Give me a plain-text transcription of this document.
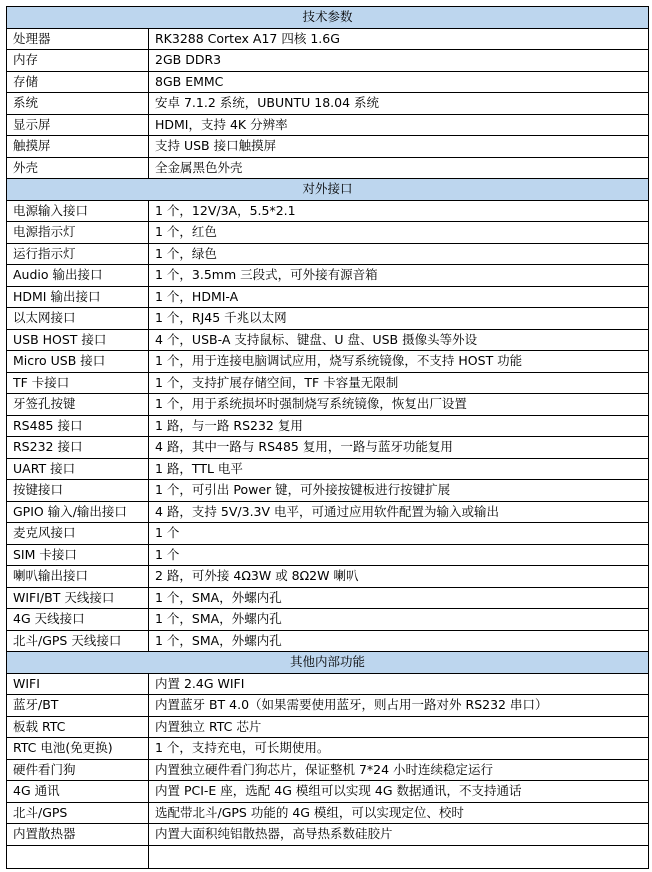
技术参数	
处理器	RK3288 Cortex A17 四核 1.6G
内存	2GB DDR3
存储	8GB EMMC
系统	安卓 7.1.2 系统，UBUNTU 18.04 系统
显示屏	HDMI，支持 4K 分辨率
触摸屏	支持 USB 接口触摸屏
外壳	全金属黑色外壳
对外接口	
电源输入接口	1 个，12V/3A，5.5*2.1
电源指示灯	1 个，红色
运行指示灯	1 个，绿色
Audio 输出接口	1 个，3.5mm 三段式，可外接有源音箱
HDMI 输出接口	1 个，HDMI-A
以太网接口	1 个，RJ45 千兆以太网
USB HOST 接口	4 个，USB-A 支持鼠标、键盘、U 盘、USB 摄像头等外设
Micro USB 接口	1 个，用于连接电脑调试应用，烧写系统镜像，不支持 HOST 功能
TF 卡接口	1 个，支持扩展存储空间，TF 卡容量无限制
牙签孔按键	1 个，用于系统损坏时强制烧写系统镜像，恢复出厂设置
RS485 接口	1 路，与一路 RS232 复用
RS232 接口	4 路，其中一路与 RS485 复用，一路与蓝牙功能复用
UART 接口	1 路，TTL 电平
按键接口	1 个，可引出 Power 键，可外接按键板进行按键扩展
GPIO 输入/输出接口	4 路，支持 5V/3.3V 电平，可通过应用软件配置为输入或输出
麦克风接口	1 个
SIM 卡接口	1 个
喇叭输出接口	2 路，可外接 4Ω3W 或 8Ω2W 喇叭
WIFI/BT 天线接口	1 个，SMA，外螺内孔
4G 天线接口	1 个，SMA，外螺内孔
北斗/GPS 天线接口	1 个，SMA，外螺内孔
其他内部功能	
WIFI	内置 2.4G WIFI
蓝牙/BT	内置蓝牙 BT 4.0（如果需要使用蓝牙，则占用一路对外 RS232 串口）
板载 RTC	内置独立 RTC 芯片
RTC 电池(免更换)	1 个，支持充电，可长期使用。
硬件看门狗	内置独立硬件看门狗芯片，保证整机 7*24 小时连续稳定运行
4G 通讯	内置 PCI-E 座，选配 4G 模组可以实现 4G 数据通讯，不支持通话
北斗/GPS	选配带北斗/GPS 功能的 4G 模组，可以实现定位、校时
内置散热器	内置大面积纯铝散热器，高导热系数硅胶片
